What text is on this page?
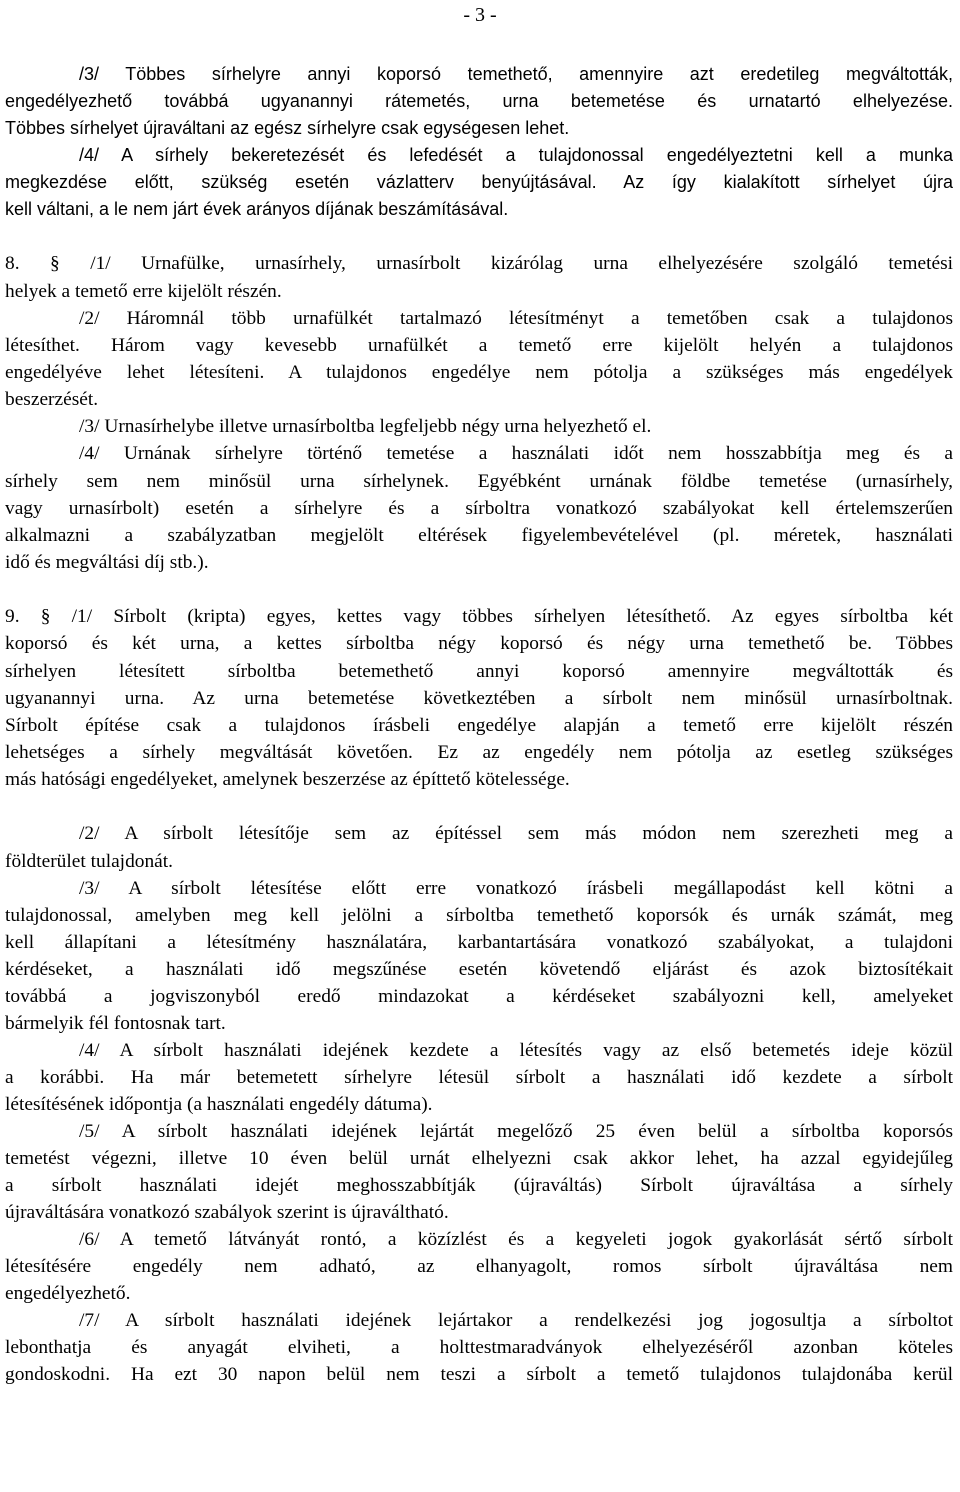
- 3 -
/3/ Többes sírhelyre annyi koporsó temethető, amennyire azt eredetileg megváltották,
engedélyezhető továbbá ugyanannyi rátemetés, urna betemetése és urnatartó elhelyezése.
Többes sírhelyet újraváltani az egész sírhelyre csak egységesen lehet.
/4/ A sírhely bekeretezését és lefedését a tulajdonossal engedélyeztetni kell a munka
megkezdése előtt, szükség esetén vázlatterv benyújtásával. Az így kialakított sírhelyet újra
kell váltani, a le nem járt évek arányos díjának beszámításával.
8. § /1/ Urnafülke, urnasírhely, urnasírbolt kizárólag urna elhelyezésére szolgáló temetési
helyek a temető erre kijelölt részén.
/2/ Háromnál több urnafülkét tartalmazó létesítményt a temetőben csak a tulajdonos
létesíthet. Három vagy kevesebb urnafülkét a temető erre kijelölt helyén a tulajdonos
engedélyéve lehet létesíteni. A tulajdonos engedélye nem pótolja a szükséges más engedélyek
beszerzését.
/3/ Urnasírhelybe illetve urnasírboltba legfeljebb négy urna helyezhető el.
/4/ Urnának sírhelyre történő temetése a használati időt nem hosszabbítja meg és a
sírhely sem nem minősül urna sírhelynek. Egyébként urnának földbe temetése (urnasírhely,
vagy urnasírbolt) esetén a sírhelyre és a sírboltra vonatkozó szabályokat kell értelemszerűen
alkalmazni a szabályzatban megjelölt eltérések figyelembevételével (pl. méretek, használati
idő és megváltási díj stb.).
9. § /1/ Sírbolt (kripta) egyes, kettes vagy többes sírhelyen létesíthető. Az egyes sírboltba két
koporsó és két urna, a kettes sírboltba négy koporsó és négy urna temethető be. Többes
sírhelyen létesített sírboltba betemethető annyi koporsó amennyire megváltották és
ugyanannyi urna. Az urna betemetése következtében a sírbolt nem minősül urnasírboltnak.
Sírbolt építése csak a tulajdonos írásbeli engedélye alapján a temető erre kijelölt részén
lehetséges a sírhely megváltását követően. Ez az engedély nem pótolja az esetleg szükséges
más hatósági engedélyeket, amelynek beszerzése az építtető kötelessége.
/2/ A sírbolt létesítője sem az építéssel sem más módon nem szerezheti meg a
földterület tulajdonát.
/3/ A sírbolt létesítése előtt erre vonatkozó írásbeli megállapodást kell kötni a
tulajdonossal, amelyben meg kell jelölni a sírboltba temethető koporsók és urnák számát, meg
kell állapítani a létesítmény használatára, karbantartására vonatkozó szabályokat, a tulajdoni
kérdéseket, a használati idő megszűnése esetén követendő eljárást és azok biztosítékait
továbbá a jogviszonyból eredő mindazokat a kérdéseket szabályozni kell, amelyeket
bármelyik fél fontosnak tart.
/4/ A sírbolt használati idejének kezdete a létesítés vagy az első betemetés ideje közül
a korábbi. Ha már betemetett sírhelyre létesül sírbolt a használati idő kezdete a sírbolt
létesítésének időpontja (a használati engedély dátuma).
/5/ A sírbolt használati idejének lejártát megelőző 25 éven belül a sírboltba koporsós
temetést végezni, illetve 10 éven belül urnát elhelyezni csak akkor lehet, ha azzal egyidejűleg
a sírbolt használati idejét meghosszabbítják (újraváltás) Sírbolt újraváltása a sírhely
újraváltására vonatkozó szabályok szerint is újraváltható.
/6/ A temető látványát rontó, a közízlést és a kegyeleti jogok gyakorlását sértő sírbolt
létesítésére engedély nem adható, az elhanyagolt, romos sírbolt újraváltása nem
engedélyezhető.
/7/ A sírbolt használati idejének lejártakor a rendelkezési jog jogosultja a sírboltot
lebonthatja és anyagát elviheti, a holttestmaradványok elhelyezéséről azonban köteles
gondoskodni. Ha ezt 30 napon belül nem teszi a sírbolt a temető tulajdonos tulajdonába kerül
